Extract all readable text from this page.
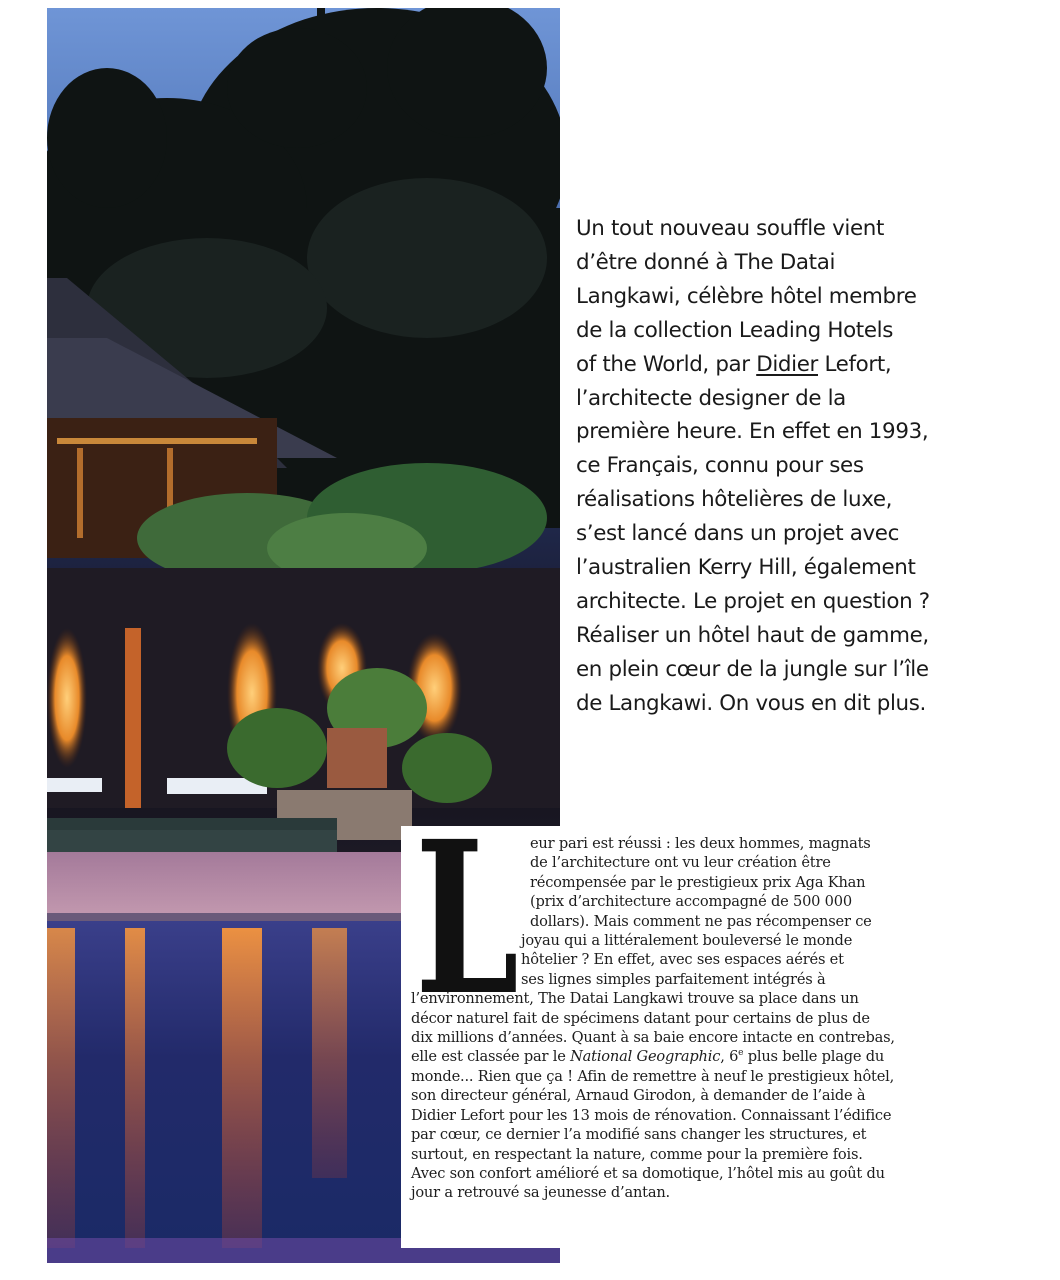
Un tout nouveau souffle vient
d’être donné à The Datai
Langkawi, célèbre hôtel membre
de la collection Leading Hotels
of the World, par Didier Lefort,
l’architecte designer de la
première heure. En effet en 1993,
ce Français, connu pour ses
réalisations hôtelières de luxe,
s’est lancé dans un projet avec
l’australien Kerry Hill, également
architecte. Le projet en question ?
Réaliser un hôtel haut de gamme,
en plein cœur de la jungle sur l’île
de Langkawi. On vous en dit plus.

L eur pari est réussi : les deux hommes, magnats
de l’architecture ont vu leur création être
récompensée par le prestigieux prix Aga Khan
(prix d’architecture accompagné de 500 000
dollars). Mais comment ne pas récompenser ce
joyau qui a littéralement bouleversé le monde
hôtelier ? En effet, avec ses espaces aérés et
ses lignes simples parfaitement intégrés à
l’environnement, The Datai Langkawi trouve sa place dans un
décor naturel fait de spécimens datant pour certains de plus de
dix millions d’années. Quant à sa baie encore intacte en contrebas,
elle est classée par le National Geographic, 6e plus belle plage du
monde... Rien que ça ! Afin de remettre à neuf le prestigieux hôtel,
son directeur général, Arnaud Girodon, à demander de l’aide à
Didier Lefort pour les 13 mois de rénovation. Connaissant l’édifice
par cœur, ce dernier l’a modifié sans changer les structures, et
surtout, en respectant la nature, comme pour la première fois.
Avec son confort amélioré et sa domotique, l’hôtel mis au goût du
jour a retrouvé sa jeunesse d’antan.
